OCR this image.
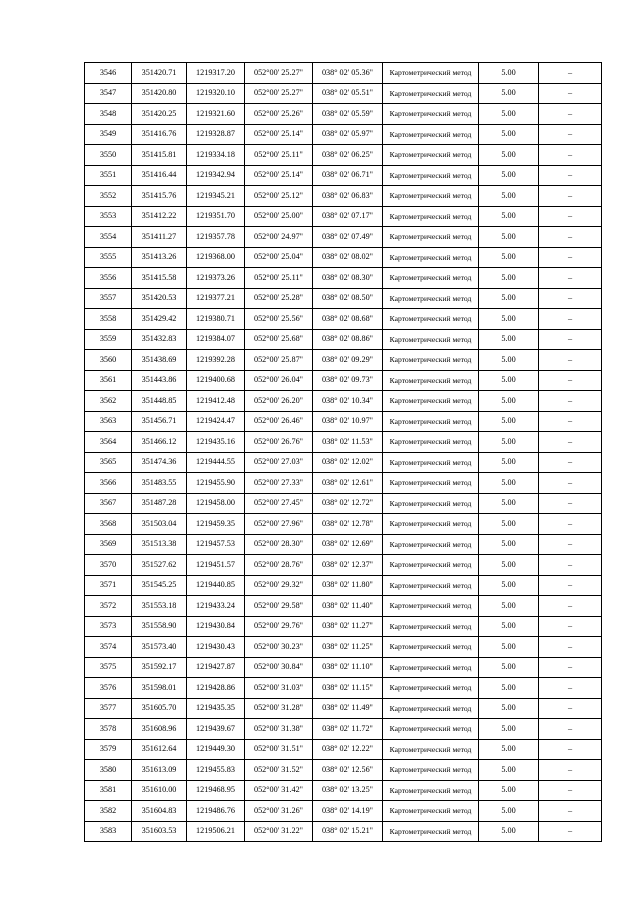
3546	351420.71	1219317.20	052°00' 25.27"	038° 02' 05.36"	Картометрический метод	5.00	–
3547	351420.80	1219320.10	052°00' 25.27"	038° 02' 05.51"	Картометрический метод	5.00	–
3548	351420.25	1219321.60	052°00' 25.26"	038° 02' 05.59"	Картометрический метод	5.00	–
3549	351416.76	1219328.87	052°00' 25.14"	038° 02' 05.97"	Картометрический метод	5.00	–
3550	351415.81	1219334.18	052°00' 25.11"	038° 02' 06.25"	Картометрический метод	5.00	–
3551	351416.44	1219342.94	052°00' 25.14"	038° 02' 06.71"	Картометрический метод	5.00	–
3552	351415.76	1219345.21	052°00' 25.12"	038° 02' 06.83"	Картометрический метод	5.00	–
3553	351412.22	1219351.70	052°00' 25.00"	038° 02' 07.17"	Картометрический метод	5.00	–
3554	351411.27	1219357.78	052°00' 24.97"	038° 02' 07.49"	Картометрический метод	5.00	–
3555	351413.26	1219368.00	052°00' 25.04"	038° 02' 08.02"	Картометрический метод	5.00	–
3556	351415.58	1219373.26	052°00' 25.11"	038° 02' 08.30"	Картометрический метод	5.00	–
3557	351420.53	1219377.21	052°00' 25.28"	038° 02' 08.50"	Картометрический метод	5.00	–
3558	351429.42	1219380.71	052°00' 25.56"	038° 02' 08.68"	Картометрический метод	5.00	–
3559	351432.83	1219384.07	052°00' 25.68"	038° 02' 08.86"	Картометрический метод	5.00	–
3560	351438.69	1219392.28	052°00' 25.87"	038° 02' 09.29"	Картометрический метод	5.00	–
3561	351443.86	1219400.68	052°00' 26.04"	038° 02' 09.73"	Картометрический метод	5.00	–
3562	351448.85	1219412.48	052°00' 26.20"	038° 02' 10.34"	Картометрический метод	5.00	–
3563	351456.71	1219424.47	052°00' 26.46"	038° 02' 10.97"	Картометрический метод	5.00	–
3564	351466.12	1219435.16	052°00' 26.76"	038° 02' 11.53"	Картометрический метод	5.00	–
3565	351474.36	1219444.55	052°00' 27.03"	038° 02' 12.02"	Картометрический метод	5.00	–
3566	351483.55	1219455.90	052°00' 27.33"	038° 02' 12.61"	Картометрический метод	5.00	–
3567	351487.28	1219458.00	052°00' 27.45"	038° 02' 12.72"	Картометрический метод	5.00	–
3568	351503.04	1219459.35	052°00' 27.96"	038° 02' 12.78"	Картометрический метод	5.00	–
3569	351513.38	1219457.53	052°00' 28.30"	038° 02' 12.69"	Картометрический метод	5.00	–
3570	351527.62	1219451.57	052°00' 28.76"	038° 02' 12.37"	Картометрический метод	5.00	–
3571	351545.25	1219440.85	052°00' 29.32"	038° 02' 11.80"	Картометрический метод	5.00	–
3572	351553.18	1219433.24	052°00' 29.58"	038° 02' 11.40"	Картометрический метод	5.00	–
3573	351558.90	1219430.84	052°00' 29.76"	038° 02' 11.27"	Картометрический метод	5.00	–
3574	351573.40	1219430.43	052°00' 30.23"	038° 02' 11.25"	Картометрический метод	5.00	–
3575	351592.17	1219427.87	052°00' 30.84"	038° 02' 11.10"	Картометрический метод	5.00	–
3576	351598.01	1219428.86	052°00' 31.03"	038° 02' 11.15"	Картометрический метод	5.00	–
3577	351605.70	1219435.35	052°00' 31.28"	038° 02' 11.49"	Картометрический метод	5.00	–
3578	351608.96	1219439.67	052°00' 31.38"	038° 02' 11.72"	Картометрический метод	5.00	–
3579	351612.64	1219449.30	052°00' 31.51"	038° 02' 12.22"	Картометрический метод	5.00	–
3580	351613.09	1219455.83	052°00' 31.52"	038° 02' 12.56"	Картометрический метод	5.00	–
3581	351610.00	1219468.95	052°00' 31.42"	038° 02' 13.25"	Картометрический метод	5.00	–
3582	351604.83	1219486.76	052°00' 31.26"	038° 02' 14.19"	Картометрический метод	5.00	–
3583	351603.53	1219506.21	052°00' 31.22"	038° 02' 15.21"	Картометрический метод	5.00	–
